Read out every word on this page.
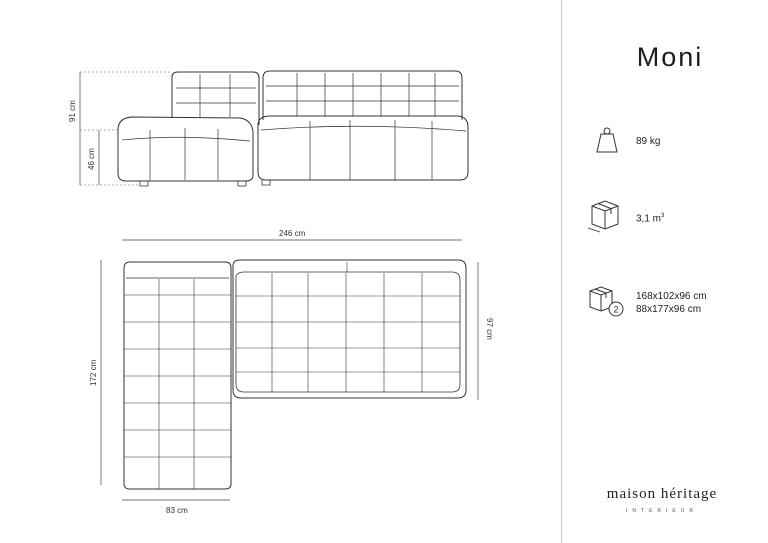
Moni
91 cm
46 cm
246 cm
172 cm
97 cm
83 cm
2
89 kg
3,1 $m^3$
168x102x96 cm
88x177x96 cm
maison héritage
INTERIEUR
